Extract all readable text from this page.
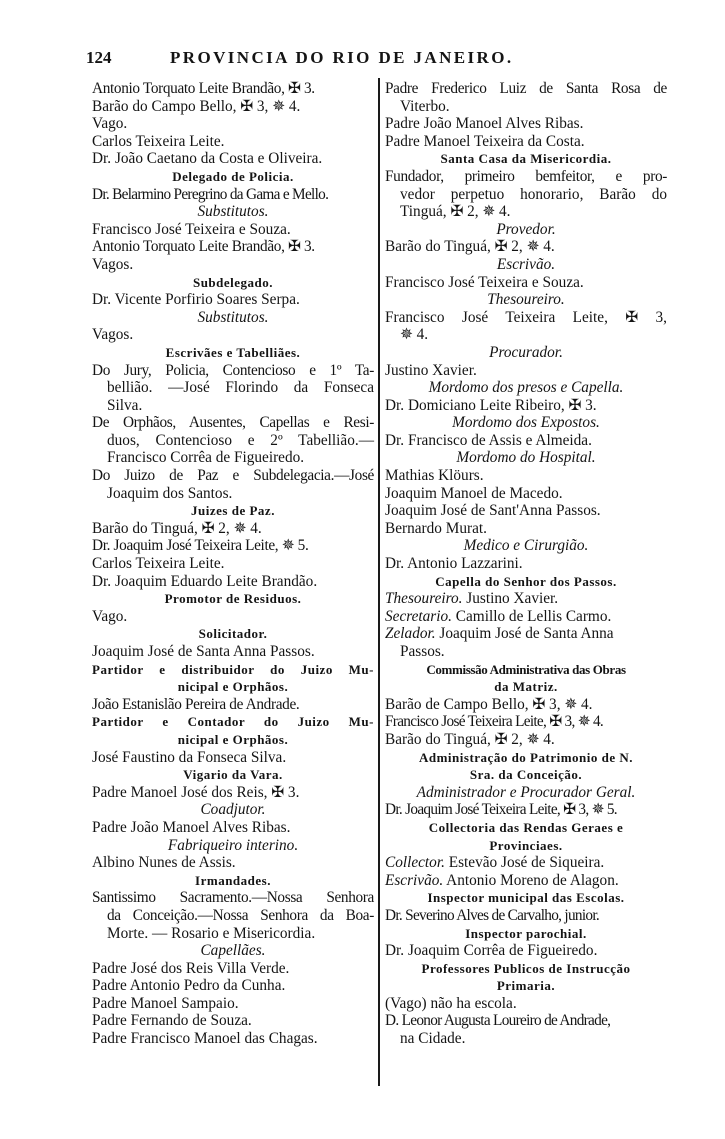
124	PROVINCIA DO RIO DE JANEIRO.
Antonio Torquato Leite Brandão, ✠ 3.
Barão do Campo Bello, ✠ 3, ✵ 4.
Vago.
Carlos Teixeira Leite.
Dr. João Caetano da Costa e Oliveira.
Delegado de Policia.
Dr. Belarmino Peregrino da Gama e Mello.
Substitutos.
Francisco José Teixeira e Souza.
Antonio Torquato Leite Brandão, ✠ 3.
Vagos.
Subdelegado.
Dr. Vicente Porfirio Soares Serpa.
Substitutos.
Vagos.
Escrivães e Tabelliães.
Do Jury, Policia, Contencioso e 1º Ta-
bellião. —José Florindo da Fonseca
Silva.
De Orphãos, Ausentes, Capellas e Resi-
duos, Contencioso e 2º Tabellião.—
Francisco Corrêa de Figueiredo.
Do Juizo de Paz e Subdelegacia.—José
Joaquim dos Santos.
Juizes de Paz.
Barão do Tinguá, ✠ 2, ✵ 4.
Dr. Joaquim José Teixeira Leite, ✵ 5.
Carlos Teixeira Leite.
Dr. Joaquim Eduardo Leite Brandão.
Promotor de Residuos.
Vago.
Solicitador.
Joaquim José de Santa Anna Passos.
Partidor e distribuidor do Juizo Mu-
nicipal e Orphãos.
João Estanislão Pereira de Andrade.
Partidor e Contador do Juizo Mu-
nicipal e Orphãos.
José Faustino da Fonseca Silva.
Vigario da Vara.
Padre Manoel José dos Reis, ✠ 3.
Coadjutor.
Padre João Manoel Alves Ribas.
Fabriqueiro interino.
Albino Nunes de Assis.
Irmandades.
Santissimo Sacramento.—Nossa Senhora
da Conceição.—Nossa Senhora da Boa-
Morte. — Rosario e Misericordia.
Capellães.
Padre José dos Reis Villa Verde.
Padre Antonio Pedro da Cunha.
Padre Manoel Sampaio.
Padre Fernando de Souza.
Padre Francisco Manoel das Chagas.
Padre Frederico Luiz de Santa Rosa de
Viterbo.
Padre João Manoel Alves Ribas.
Padre Manoel Teixeira da Costa.
Santa Casa da Misericordia.
Fundador, primeiro bemfeitor, e pro-
vedor perpetuo honorario, Barão do
Tinguá, ✠ 2, ✵ 4.
Provedor.
Barão do Tinguá, ✠ 2, ✵ 4.
Escrivão.
Francisco José Teixeira e Souza.
Thesoureiro.
Francisco José Teixeira Leite, ✠ 3,
✵ 4.
Procurador.
Justino Xavier.
Mordomo dos presos e Capella.
Dr. Domiciano Leite Ribeiro, ✠ 3.
Mordomo dos Expostos.
Dr. Francisco de Assis e Almeida.
Mordomo do Hospital.
Mathias Klöurs.
Joaquim Manoel de Macedo.
Joaquim José de Sant'Anna Passos.
Bernardo Murat.
Medico e Cirurgião.
Dr. Antonio Lazzarini.
Capella do Senhor dos Passos.
Thesoureiro. Justino Xavier.
Secretario. Camillo de Lellis Carmo.
Zelador. Joaquim José de Santa Anna
Passos.
Commissão Administrativa das Obras
da Matriz.
Barão de Campo Bello, ✠ 3, ✵ 4.
Francisco José Teixeira Leite, ✠ 3, ✵ 4.
Barão do Tinguá, ✠ 2, ✵ 4.
Administração do Patrimonio de N.
Sra. da Conceição.
Administrador e Procurador Geral.
Dr. Joaquim José Teixeira Leite, ✠ 3, ✵ 5.
Collectoria das Rendas Geraes e
Provinciaes.
Collector. Estevão José de Siqueira.
Escrivão. Antonio Moreno de Alagon.
Inspector municipal das Escolas.
Dr. Severino Alves de Carvalho, junior.
Inspector parochial.
Dr. Joaquim Corrêa de Figueiredo.
Professores Publicos de Instrucção
Primaria.
(Vago) não ha escola.
D. Leonor Augusta Loureiro de Andrade,
na Cidade.
